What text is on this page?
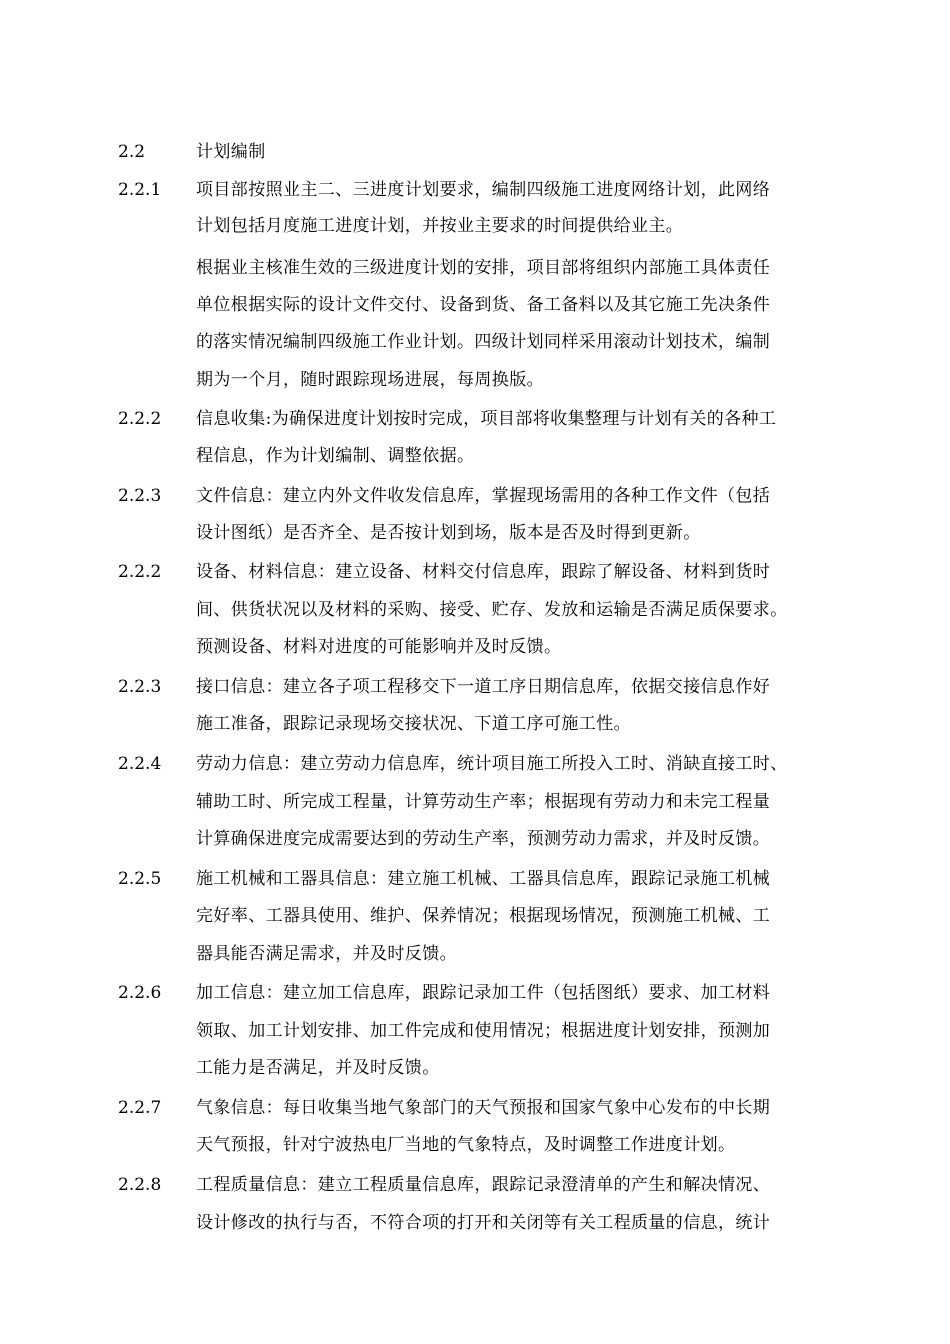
2.2	计划编制
2.2.1 项目部按照业主二、三进度计划要求，编制四级施工进度网络计划，此网络
计划包括月度施工进度计划，并按业主要求的时间提供给业主。
根据业主核准生效的三级进度计划的安排，项目部将组织内部施工具体责任
单位根据实际的设计文件交付、设备到货、备工备料以及其它施工先决条件
的落实情况编制四级施工作业计划。四级计划同样采用滚动计划技术，编制
期为一个月，随时跟踪现场进展，每周换版。
2.2.2 信息收集:为确保进度计划按时完成，项目部将收集整理与计划有关的各种工
程信息，作为计划编制、调整依据。
2.2.3 文件信息：建立内外文件收发信息库，掌握现场需用的各种工作文件（包括
设计图纸）是否齐全、是否按计划到场，版本是否及时得到更新。
2.2.2 设备、材料信息：建立设备、材料交付信息库，跟踪了解设备、材料到货时
间、供货状况以及材料的采购、接受、贮存、发放和运输是否满足质保要求。
预测设备、材料对进度的可能影响并及时反馈。
2.2.3 接口信息：建立各子项工程移交下一道工序日期信息库，依据交接信息作好
施工准备，跟踪记录现场交接状况、下道工序可施工性。
2.2.4 劳动力信息：建立劳动力信息库，统计项目施工所投入工时、消缺直接工时、
辅助工时、所完成工程量，计算劳动生产率；根据现有劳动力和未完工程量
计算确保进度完成需要达到的劳动生产率，预测劳动力需求，并及时反馈。
2.2.5 施工机械和工器具信息：建立施工机械、工器具信息库，跟踪记录施工机械
完好率、工器具使用、维护、保养情况；根据现场情况，预测施工机械、工
器具能否满足需求，并及时反馈。
2.2.6 加工信息：建立加工信息库，跟踪记录加工件（包括图纸）要求、加工材料
领取、加工计划安排、加工件完成和使用情况；根据进度计划安排，预测加
工能力是否满足，并及时反馈。
2.2.7 气象信息：每日收集当地气象部门的天气预报和国家气象中心发布的中长期
天气预报，针对宁波热电厂当地的气象特点，及时调整工作进度计划。
2.2.8 工程质量信息：建立工程质量信息库，跟踪记录澄清单的产生和解决情况、
设计修改的执行与否，不符合项的打开和关闭等有关工程质量的信息，统计
